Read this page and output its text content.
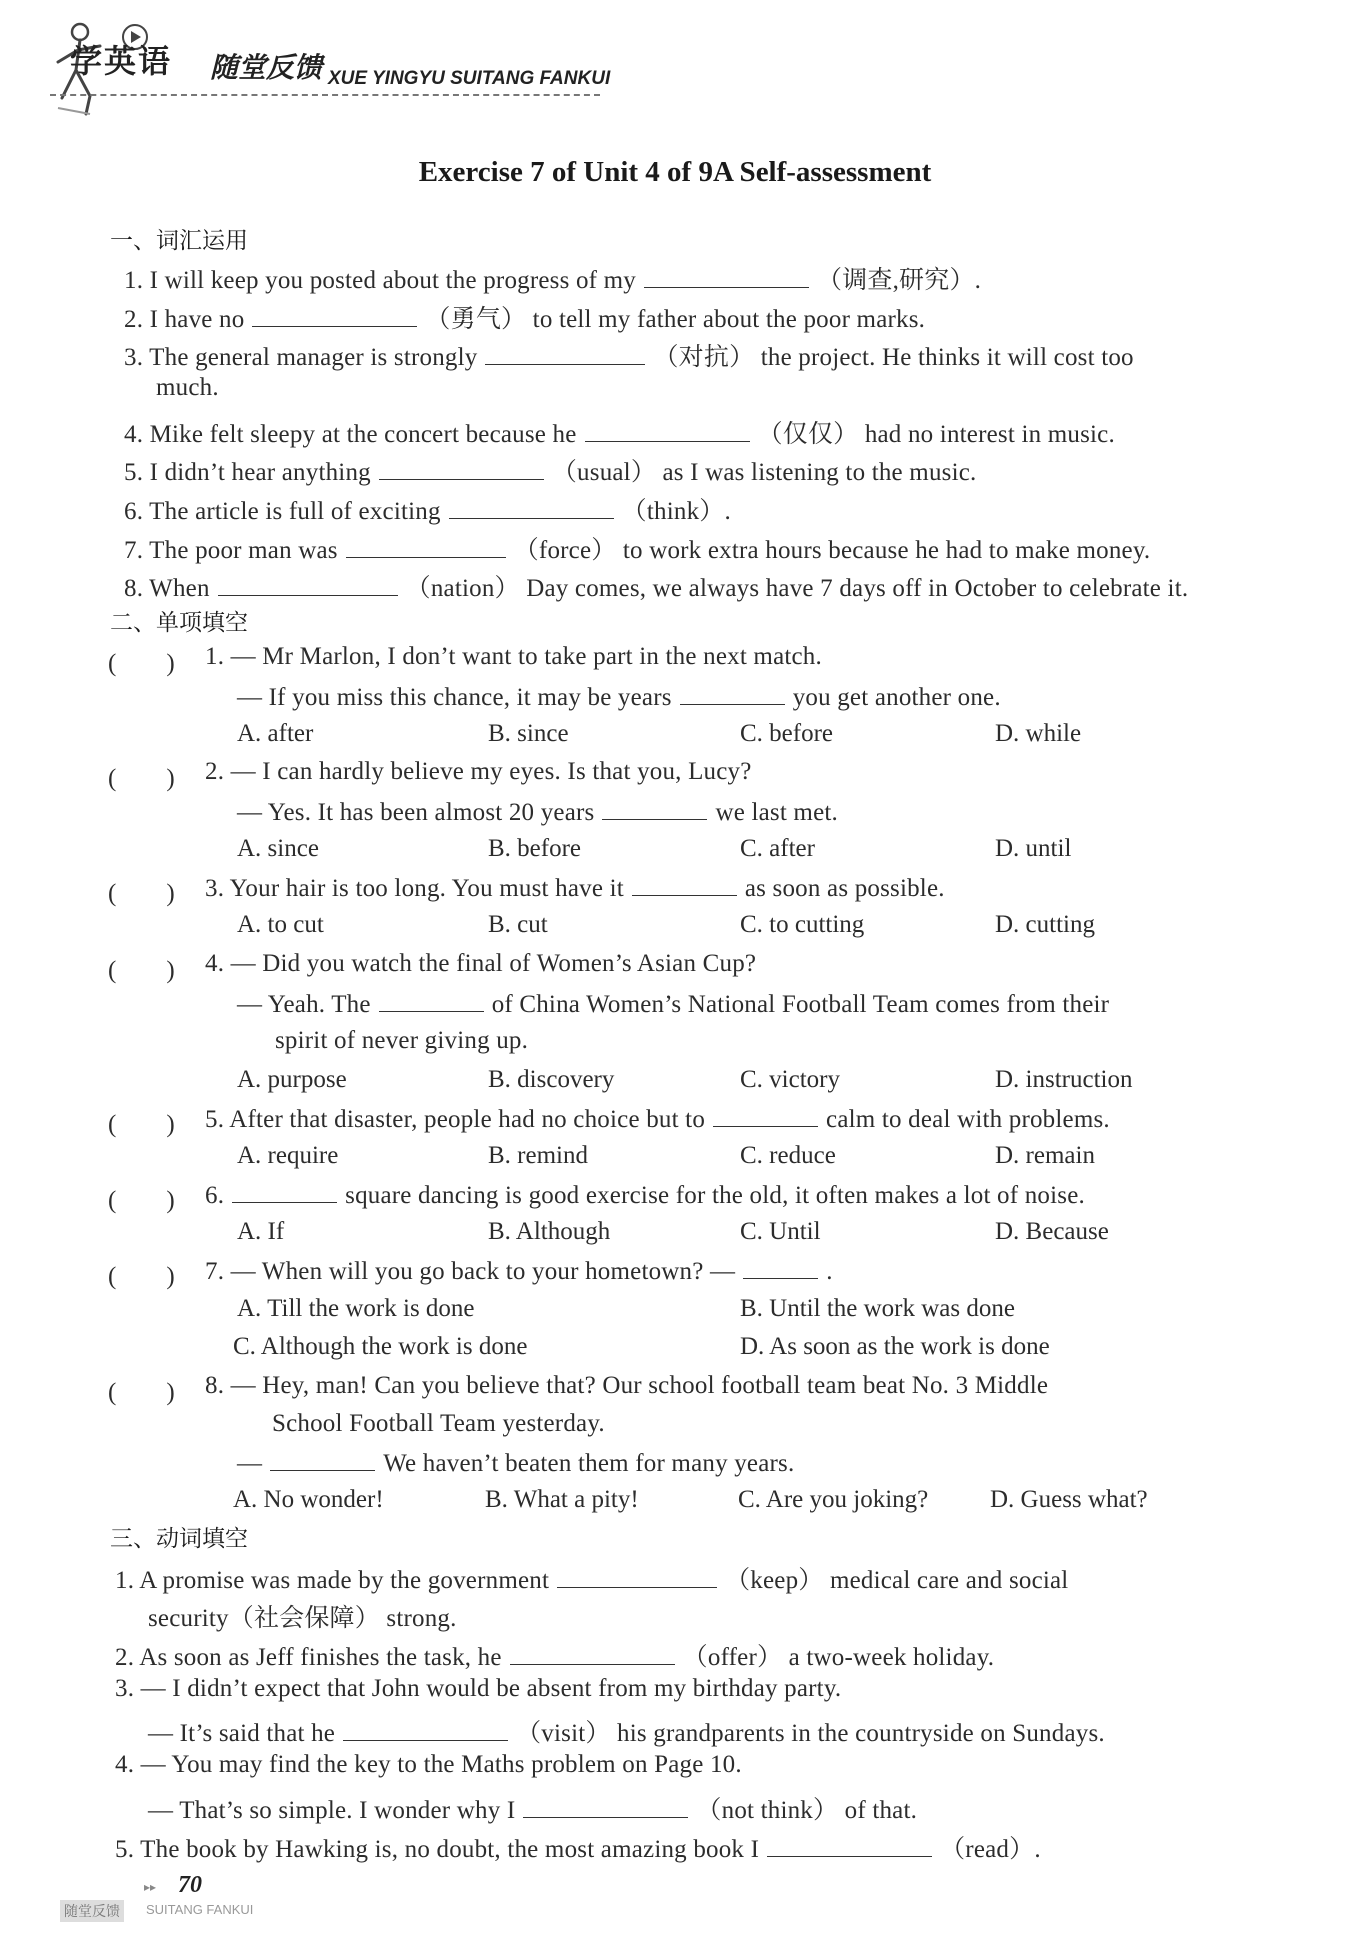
学英语 随堂反馈 XUE YINGYU SUITANG FANKUI
Exercise 7 of Unit 4 of 9A Self-assessment
一、词汇运用
1. I will keep you posted about the progress of my	（调查,研究）.
2. I have no	（勇气） to tell my father about the poor marks.
3. The general manager is strongly	（对抗） the project. He thinks it will cost too
much.
4. Mike felt sleepy at the concert because he	（仅仅） had no interest in music.
5. I didn’t hear anything	（usual） as I was listening to the music.
6. The article is full of exciting	（think）.
7. The poor man was	（force） to work extra hours because he had to make money.
8. When	（nation） Day comes, we always have 7 days off in October to celebrate it.
二、单项填空
(　　) 1. — Mr Marlon, I don’t want to take part in the next match.
— If you miss this chance, it may be years	you get another one.
A. after	B. since	C. before	D. while
(　　) 2. — I can hardly believe my eyes. Is that you, Lucy?
— Yes. It has been almost 20 years	we last met.
A. since	B. before	C. after	D. until
(　　) 3. Your hair is too long. You must have it	as soon as possible.
A. to cut	B. cut	C. to cutting	D. cutting
(　　) 4. — Did you watch the final of Women’s Asian Cup?
— Yeah. The	of China Women’s National Football Team comes from their
spirit of never giving up.
A. purpose	B. discovery	C. victory	D. instruction
(　　) 5. After that disaster, people had no choice but to	calm to deal with problems.
A. require	B. remind	C. reduce	D. remain
(　　) 6.	square dancing is good exercise for the old, it often makes a lot of noise.
A. If	B. Although	C. Until	D. Because
(　　) 7. — When will you go back to your hometown? —	.
A. Till the work is done	B. Until the work was done
C. Although the work is done	D. As soon as the work is done
(　　) 8. — Hey, man! Can you believe that? Our school football team beat No. 3 Middle
School Football Team yesterday.
—	We haven’t beaten them for many years.
A. No wonder!	B. What a pity!	C. Are you joking? D. Guess what?
三、动词填空
1. A promise was made by the government	（keep） medical care and social
security（社会保障） strong.
2. As soon as Jeff finishes the task, he	（offer） a two-week holiday.
3. — I didn’t expect that John would be absent from my birthday party.
— It’s said that he	（visit） his grandparents in the countryside on Sundays.
4. — You may find the key to the Maths problem on Page 10.
— That’s so simple. I wonder why I	（not think） of that.
5. The book by Hawking is, no doubt, the most amazing book I	（read）.
▸▸ 70
随堂反馈	SUITANG FANKUI
